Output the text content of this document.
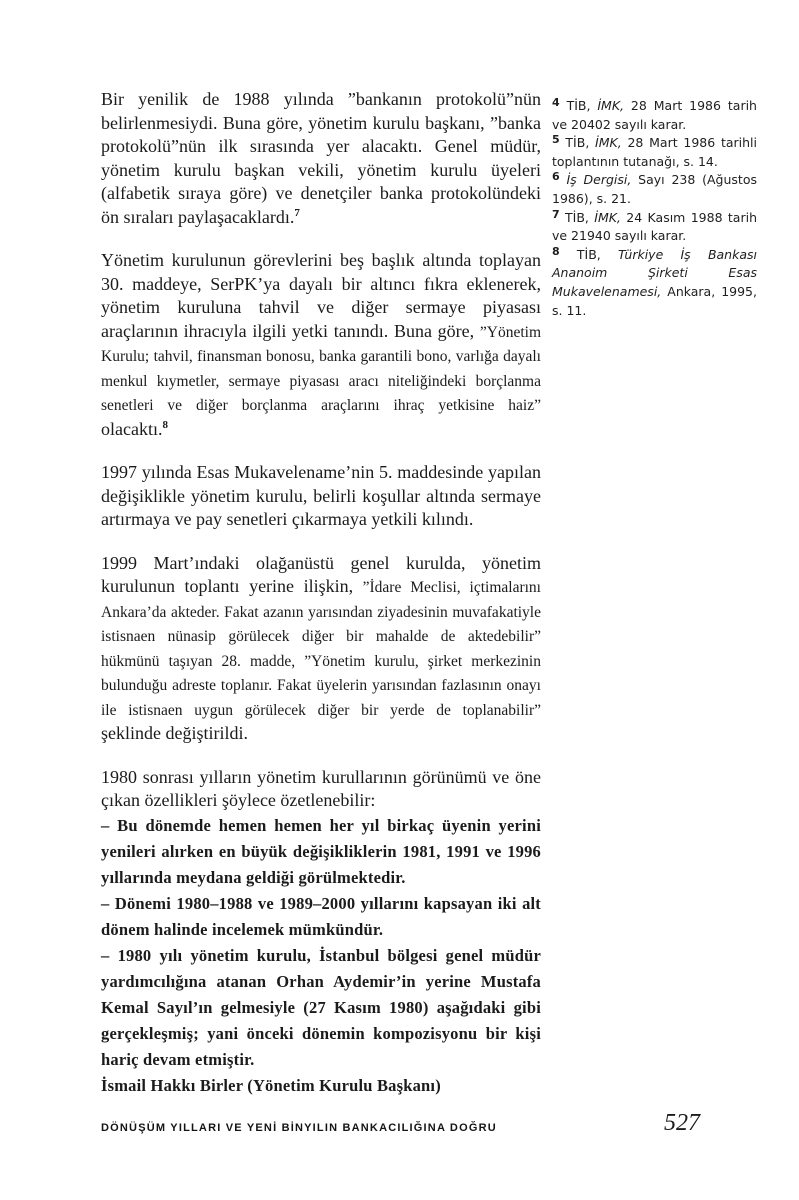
Bir yenilik de 1988 yılında ”bankanın protokolü”nün belirlenmesiydi. Buna göre, yönetim kurulu başkanı, ”banka protokolü”nün ilk sırasında yer alacaktı. Genel müdür, yönetim kurulu başkan vekili, yönetim kurulu üyeleri (alfabetik sıraya göre) ve denetçiler banka protokolündeki ön sıraları paylaşacaklardı.$^7$

Yönetim kurulunun görevlerini beş başlık altında toplayan 30. maddeye, SerPK’ya dayalı bir altıncı fıkra eklenerek, yönetim kuruluna tahvil ve diğer sermaye piyasası araçlarının ihracıyla ilgili yetki tanındı. Buna göre, ”Yönetim Kurulu; tahvil, finansman bonosu, banka garantili bono, varlığa dayalı menkul kıymetler, sermaye piyasası aracı niteliğindeki borçlanma senetleri ve diğer borçlanma araçlarını ihraç yetkisine haiz” olacaktı.$^8$

1997 yılında Esas Mukavelename’nin 5. maddesinde yapılan değişiklikle yönetim kurulu, belirli koşullar altında sermaye artırmaya ve pay senetleri çıkarmaya yetkili kılındı.

1999 Mart’ındaki olağanüstü genel kurulda, yönetim kurulunun toplantı yerine ilişkin, ”İdare Meclisi, içtimalarını Ankara’da akteder. Fakat azanın yarısından ziyadesinin muvafakatiyle istisnaen nünasip görülecek diğer bir mahalde de aktedebilir” hükmünü taşıyan 28. madde, ”Yönetim kurulu, şirket merkezinin bulunduğu adreste toplanır. Fakat üyelerin yarısından fazlasının onayı ile istisnaen uygun görülecek diğer bir yerde de toplanabilir” şeklinde değiştirildi.

1980 sonrası yılların yönetim kurullarının görünümü ve öne çıkan özellikleri şöylece özetlenebilir:

– Bu dönemde hemen hemen her yıl birkaç üyenin yerini yenileri alırken en büyük değişikliklerin 1981, 1991 ve 1996 yıllarında meydana geldiği görülmektedir.

– Dönemi 1980–1988 ve 1989–2000 yıllarını kapsayan iki alt dönem halinde incelemek mümkündür.

– 1980 yılı yönetim kurulu, İstanbul bölgesi genel müdür yardımcılığına atanan Orhan Aydemir’in yerine Mustafa Kemal Sayıl’ın gelmesiyle (27 Kasım 1980) aşağıdaki gibi gerçekleşmiş; yani önceki dönemin kompozisyonu bir kişi hariç devam etmiştir.

İsmail Hakkı Birler (Yönetim Kurulu Başkanı)

4 TİB, İMK, 28 Mart 1986 tarih ve 20402 sayılı karar.

5 TİB, İMK, 28 Mart 1986 tarihli toplantının tutanağı, s. 14.

6 İş Dergisi, Sayı 238 (Ağustos 1986), s. 21.

7 TİB, İMK, 24 Kasım 1988 tarih ve 21940 sayılı karar.

8 TİB, Türkiye İş Bankası Ananoim Şirketi Esas Mukavelenamesi, Ankara, 1995, s. 11.

DÖNÜŞÜM YILLARI VE YENİ BİNYILIN BANKACILIĞINA DOĞRU	527
